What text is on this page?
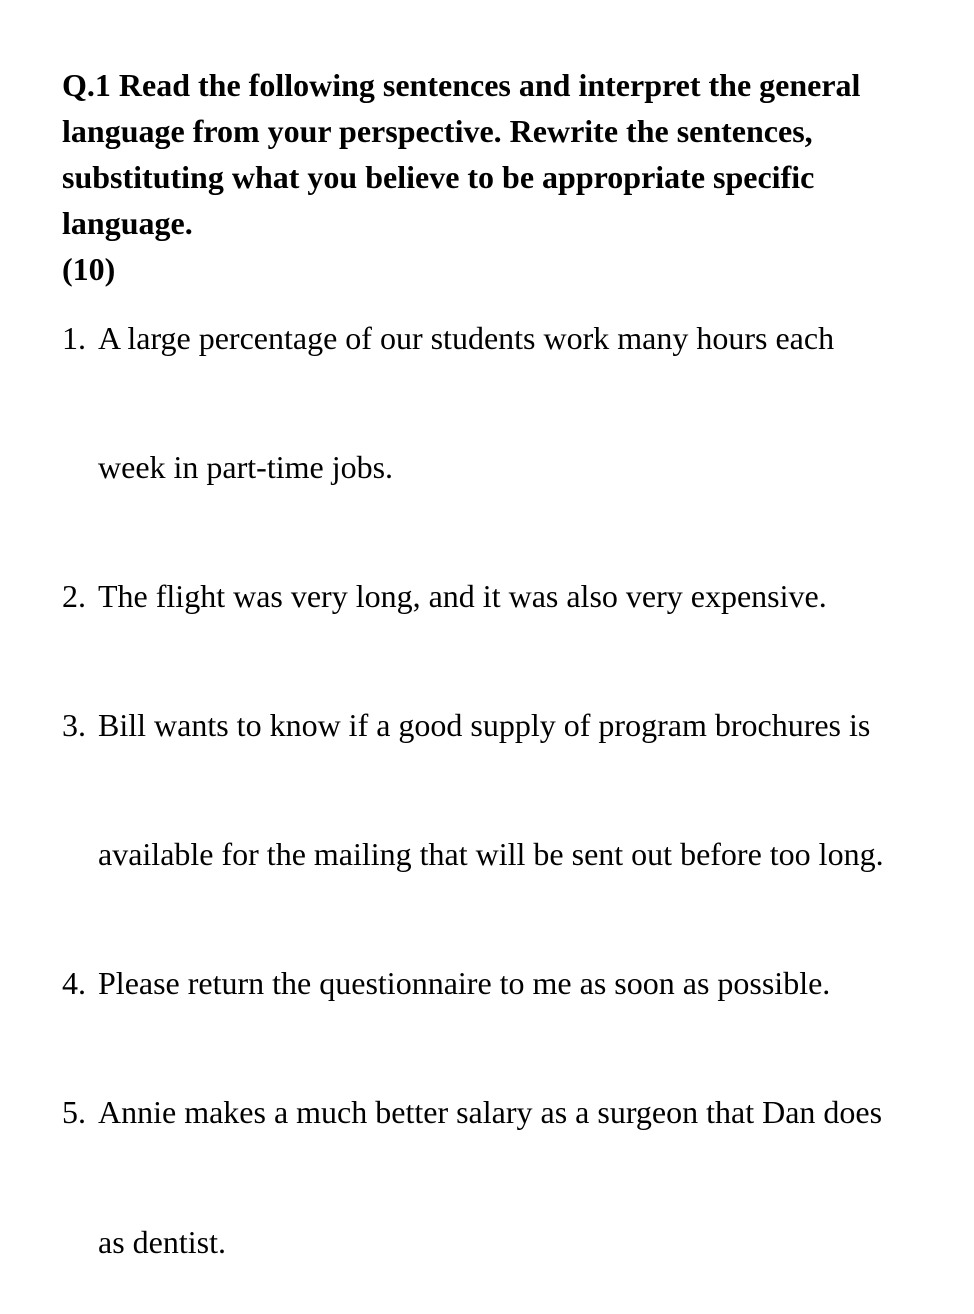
Q.1 Read the following sentences and interpret the general language from your perspective. Rewrite the sentences, substituting what you believe to be appropriate specific language.

(10)
1. A large percentage of our students work many hours each
week in part-time jobs.
2. The flight was very long, and it was also very expensive.
3. Bill wants to know if a good supply of program brochures is
available for the mailing that will be sent out before too long.
4. Please return the questionnaire to me as soon as possible.
5. Annie makes a much better salary as a surgeon that Dan does
as dentist.
